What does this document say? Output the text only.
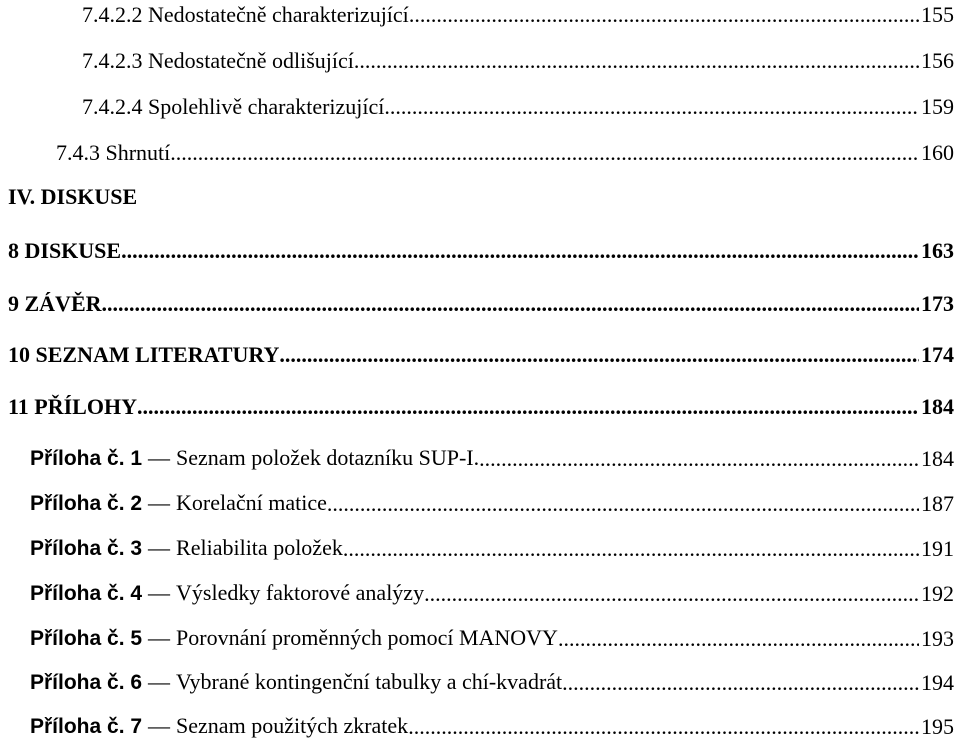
7.4.2.2 Nedostatečně charakterizující .....	155
7.4.2.3 Nedostatečně odlišující .....	156
7.4.2.4 Spolehlivě charakterizující .....	159
7.4.3 Shrnutí .....	160
IV. DISKUSE
8 DISKUSE .....	163
9 ZÁVĚR .....	173
10 SEZNAM LITERATURY .....	174
11 PŘÍLOHY .....	184
Příloha č. 1 — Seznam položek dotazníku SUP-I. .....	184
Příloha č. 2 — Korelační matice .....	187
Příloha č. 3 — Reliabilita položek .....	191
Příloha č. 4 — Výsledky faktorové analýzy .....	192
Příloha č. 5 — Porovnání proměnných pomocí MANOVY .....	193
Příloha č. 6 — Vybrané kontingenční tabulky a chí-kvadrát .....	194
Příloha č. 7 — Seznam použitých zkratek .....	195
